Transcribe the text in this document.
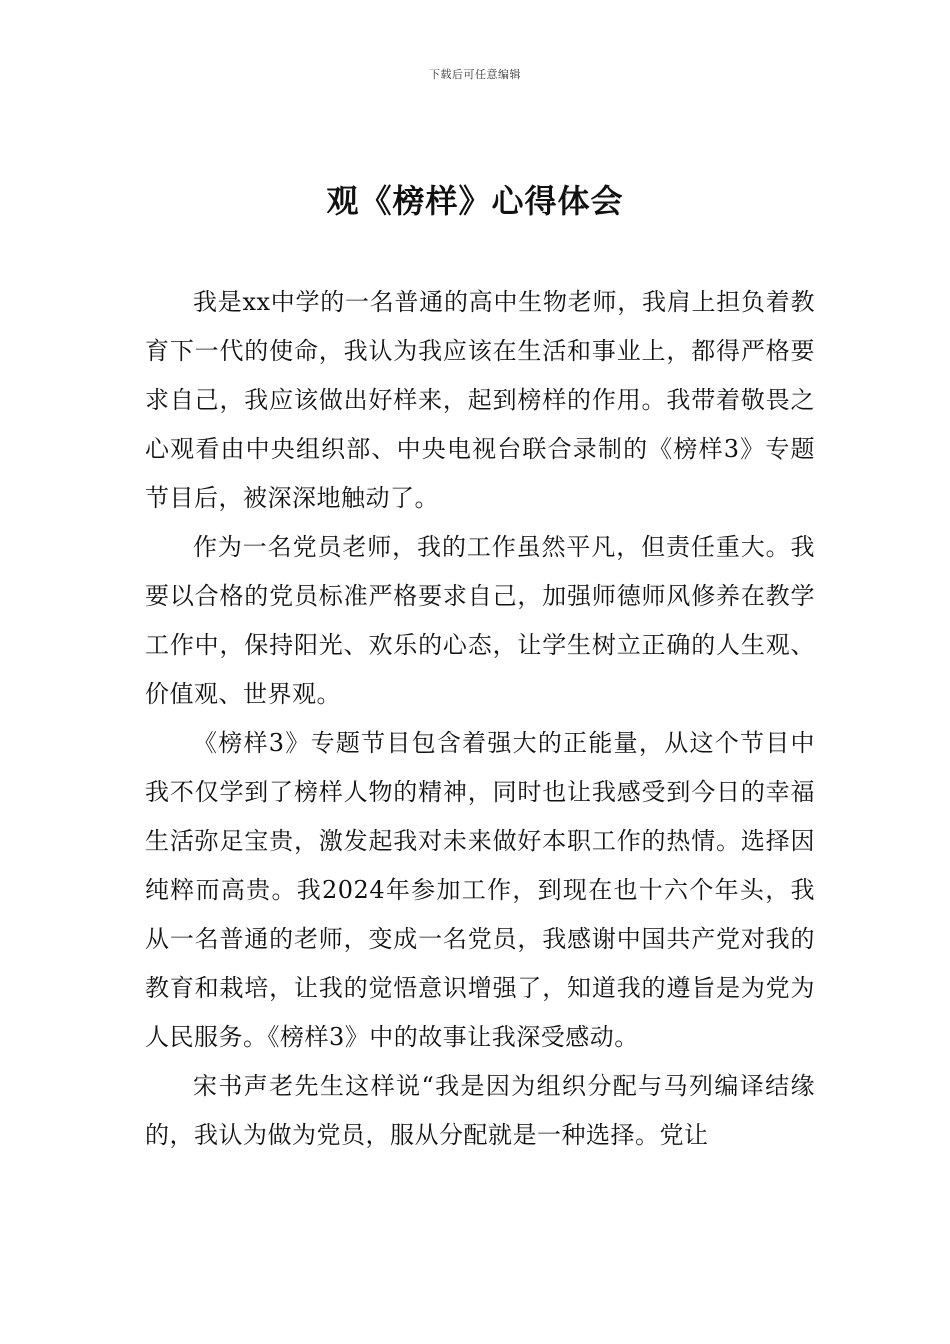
下载后可任意编辑
观《榜样》心得体会

我是xx中学的一名普通的高中生物老师，我肩上担负着教育下一代的使命，我认为我应该在生活和事业上，都得严格要求自己，我应该做出好样来，起到榜样的作用。我带着敬畏之心观看由中央组织部、中央电视台联合录制的《榜样3》专题节目后，被深深地触动了。

作为一名党员老师，我的工作虽然平凡，但责任重大。我要以合格的党员标准严格要求自己，加强师德师风修养在教学工作中，保持阳光、欢乐的心态，让学生树立正确的人生观、价值观、世界观。

《榜样3》专题节目包含着强大的正能量，从这个节目中我不仅学到了榜样人物的精神，同时也让我感受到今日的幸福生活弥足宝贵，激发起我对未来做好本职工作的热情。选择因纯粹而高贵。我2024年参加工作，到现在也十六个年头，我从一名普通的老师，变成一名党员，我感谢中国共产党对我的教育和栽培，让我的觉悟意识增强了，知道我的遵旨是为党为人民服务。《榜样3》中的故事让我深受感动。

宋书声老先生这样说“我是因为组织分配与马列编译结缘的，我认为做为党员，服从分配就是一种选择。党让
